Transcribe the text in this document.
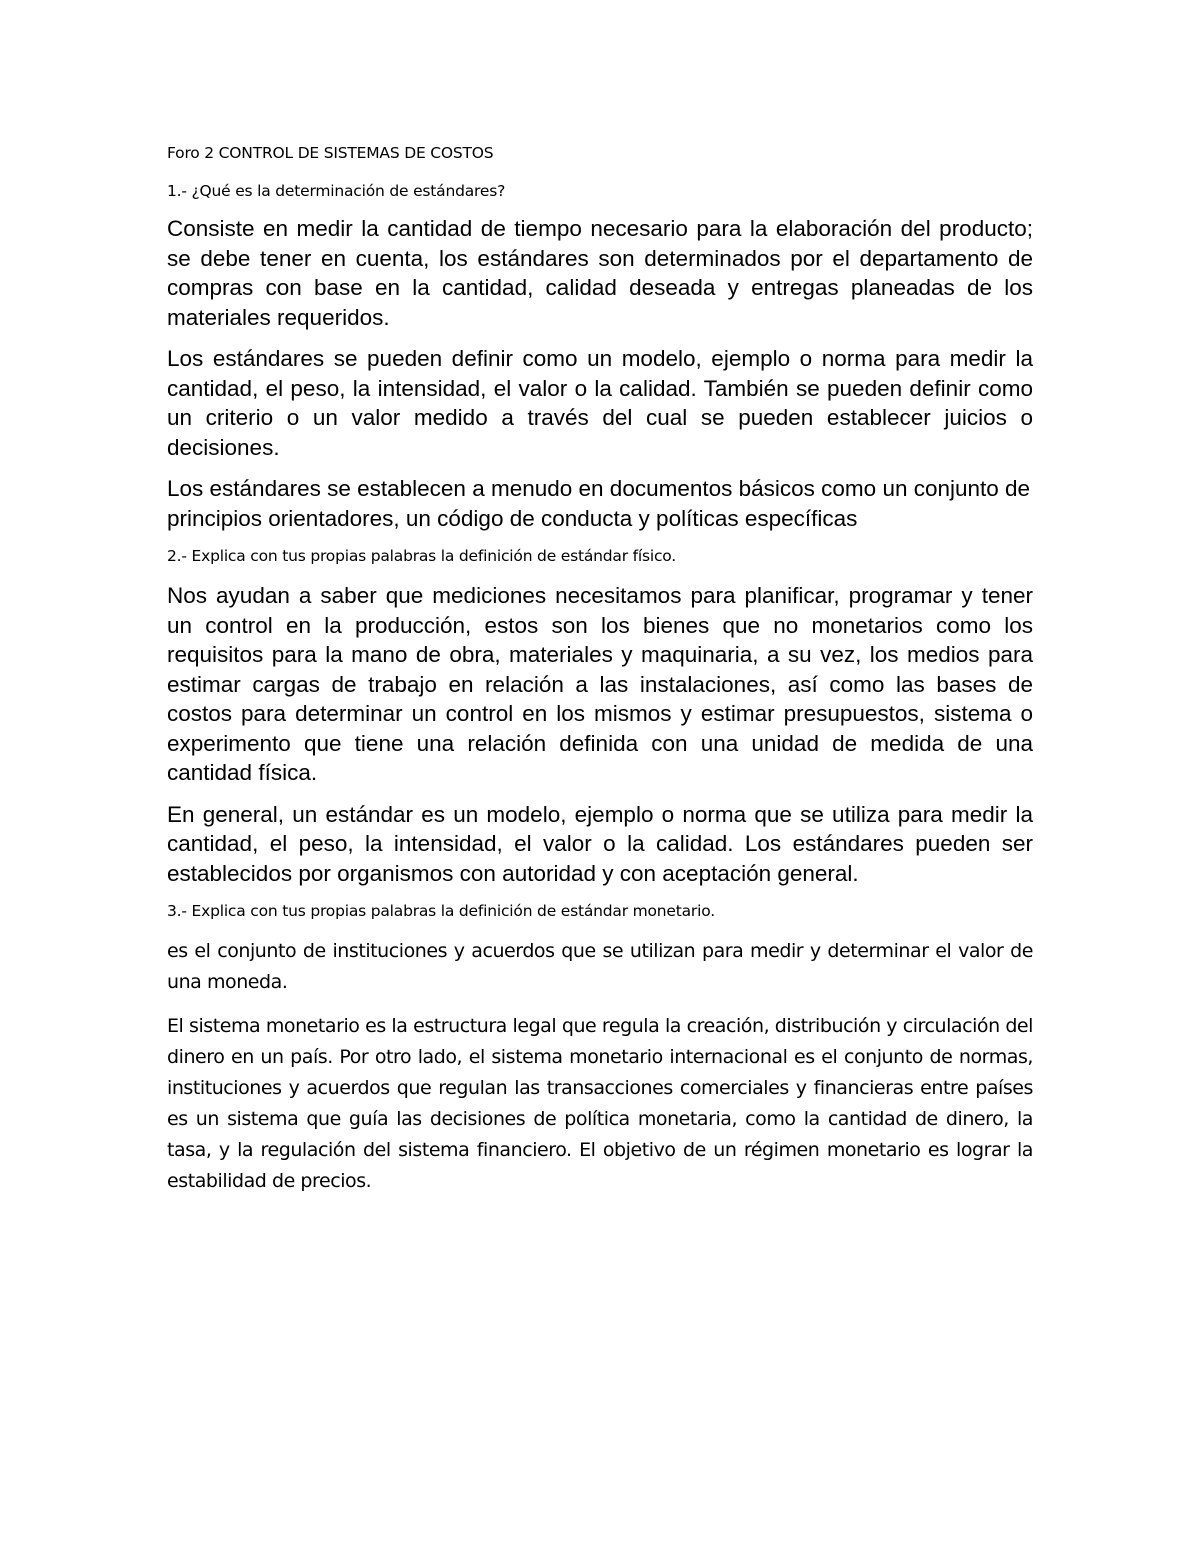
Foro 2 CONTROL DE SISTEMAS DE COSTOS
1.- ¿Qué es la determinación de estándares?

Consiste en medir la cantidad de tiempo necesario para la elaboración del producto; se debe tener en cuenta, los estándares son determinados por el departamento de compras con base en la cantidad, calidad deseada y entregas planeadas de los materiales requeridos.

Los estándares se pueden definir como un modelo, ejemplo o norma para medir la cantidad, el peso, la intensidad, el valor o la calidad. También se pueden definir como un criterio o un valor medido a través del cual se pueden establecer juicios o decisiones.

Los estándares se establecen a menudo en documentos básicos como un conjunto de principios orientadores, un código de conducta y políticas específicas

2.- Explica con tus propias palabras la definición de estándar físico.

Nos ayudan a saber que mediciones necesitamos para planificar, programar y tener un control en la producción, estos son los bienes que no monetarios como los requisitos para la mano de obra, materiales y maquinaria, a su vez, los medios para estimar cargas de trabajo en relación a las instalaciones, así como las bases de costos para determinar un control en los mismos y estimar presupuestos, sistema o experimento que tiene una relación definida con una unidad de medida de una cantidad física.

En general, un estándar es un modelo, ejemplo o norma que se utiliza para medir la cantidad, el peso, la intensidad, el valor o la calidad. Los estándares pueden ser establecidos por organismos con autoridad y con aceptación general.

3.- Explica con tus propias palabras la definición de estándar monetario.

es el conjunto de instituciones y acuerdos que se utilizan para medir y determinar el valor de una moneda.

El sistema monetario es la estructura legal que regula la creación, distribución y circulación del dinero en un país. Por otro lado, el sistema monetario internacional es el conjunto de normas, instituciones y acuerdos que regulan las transacciones comerciales y financieras entre países es un sistema que guía las decisiones de política monetaria, como la cantidad de dinero, la tasa, y la regulación del sistema financiero. El objetivo de un régimen monetario es lograr la estabilidad de precios.
